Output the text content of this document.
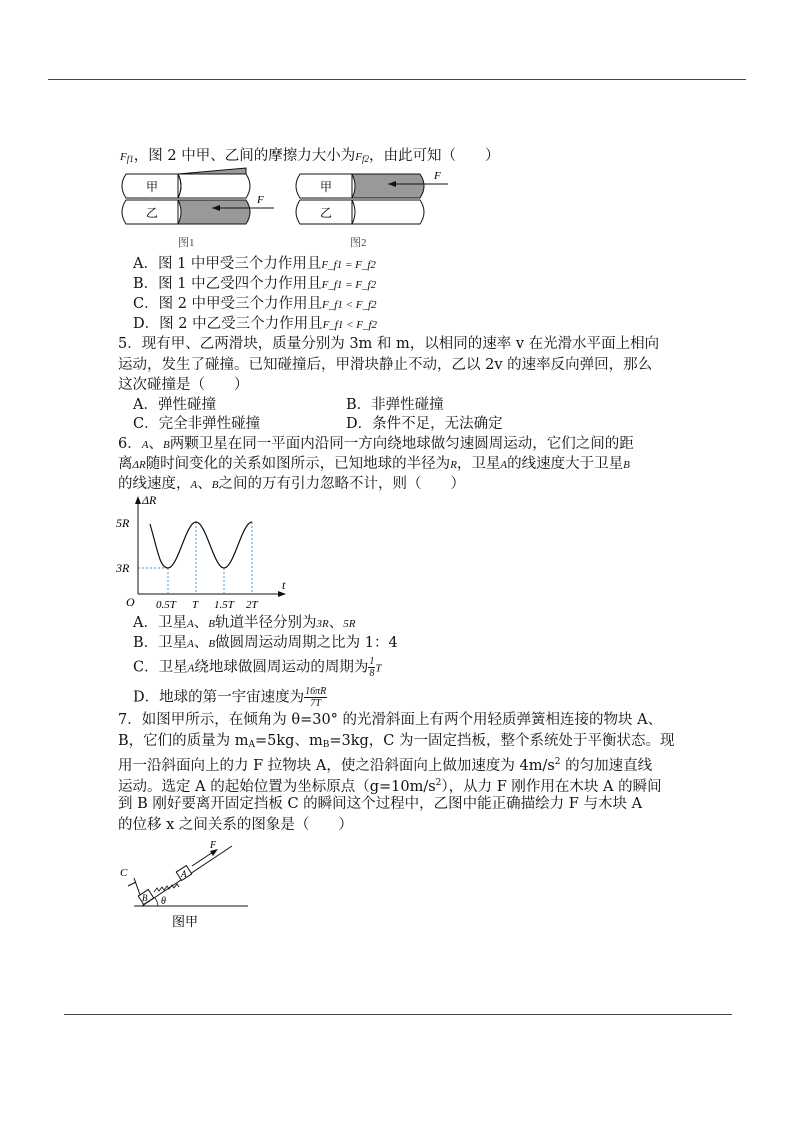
$F_{f1}$，图 2 中甲、乙间的摩擦力大小为$F_{f2}$，由此可知（　　）
甲
乙
F
图1
甲
乙
F
图2
A．图 1 中甲受三个力作用且F_f1 = F_f2
B．图 1 中乙受四个力作用且F_f1 = F_f2
C．图 2 中甲受三个力作用且F_f1 < F_f2
D．图 2 中乙受三个力作用且F_f1 < F_f2
5．现有甲、乙两滑块，质量分别为 3m 和 m，以相同的速率 v 在光滑水平面上相向
运动，发生了碰撞。已知碰撞后，甲滑块静止不动，乙以 2v 的速率反向弹回，那么
这次碰撞是（　　）
A．弹性碰撞	B．非弹性碰撞
C．完全非弹性碰撞	D．条件不足，无法确定
6．A、B两颗卫星在同一平面内沿同一方向绕地球做匀速圆周运动，它们之间的距
离ΔR随时间变化的关系如图所示，已知地球的半径为R，卫星A的线速度大于卫星B
的线速度，A、B之间的万有引力忽略不计，则（　　）
ΔR
t
O
5R
3R
0.5T T 1.5T 2T
A．卫星A、B轨道半径分别为3R、5R
B．卫星A、B做圆周运动周期之比为 1：4
C．卫星A绕地球做圆周运动的周期为 $\frac{1}{8}$ T
D．地球的第一宇宙速度为 $\frac{16\pi R}{7T}$
7．如图甲所示，在倾角为 θ=30° 的光滑斜面上有两个用轻质弹簧相连接的物块 A、
B，它们的质量为 $m_A=5kg$、$m_B=3kg$，C 为一固定挡板，整个系统处于平衡状态。现
用一沿斜面向上的力 F 拉物块 A，使之沿斜面向上做加速度为 $4m/s^2$ 的匀加速直线
运动。选定 A 的起始位置为坐标原点$(g=10m/s^2)$，从力 F 刚作用在木块 A 的瞬间
到 B 刚好要离开固定挡板 C 的瞬间这个过程中，乙图中能正确描绘力 F 与木块 A
的位移 x 之间关系的图象是（　　）
C
B
A
F
θ
图甲
